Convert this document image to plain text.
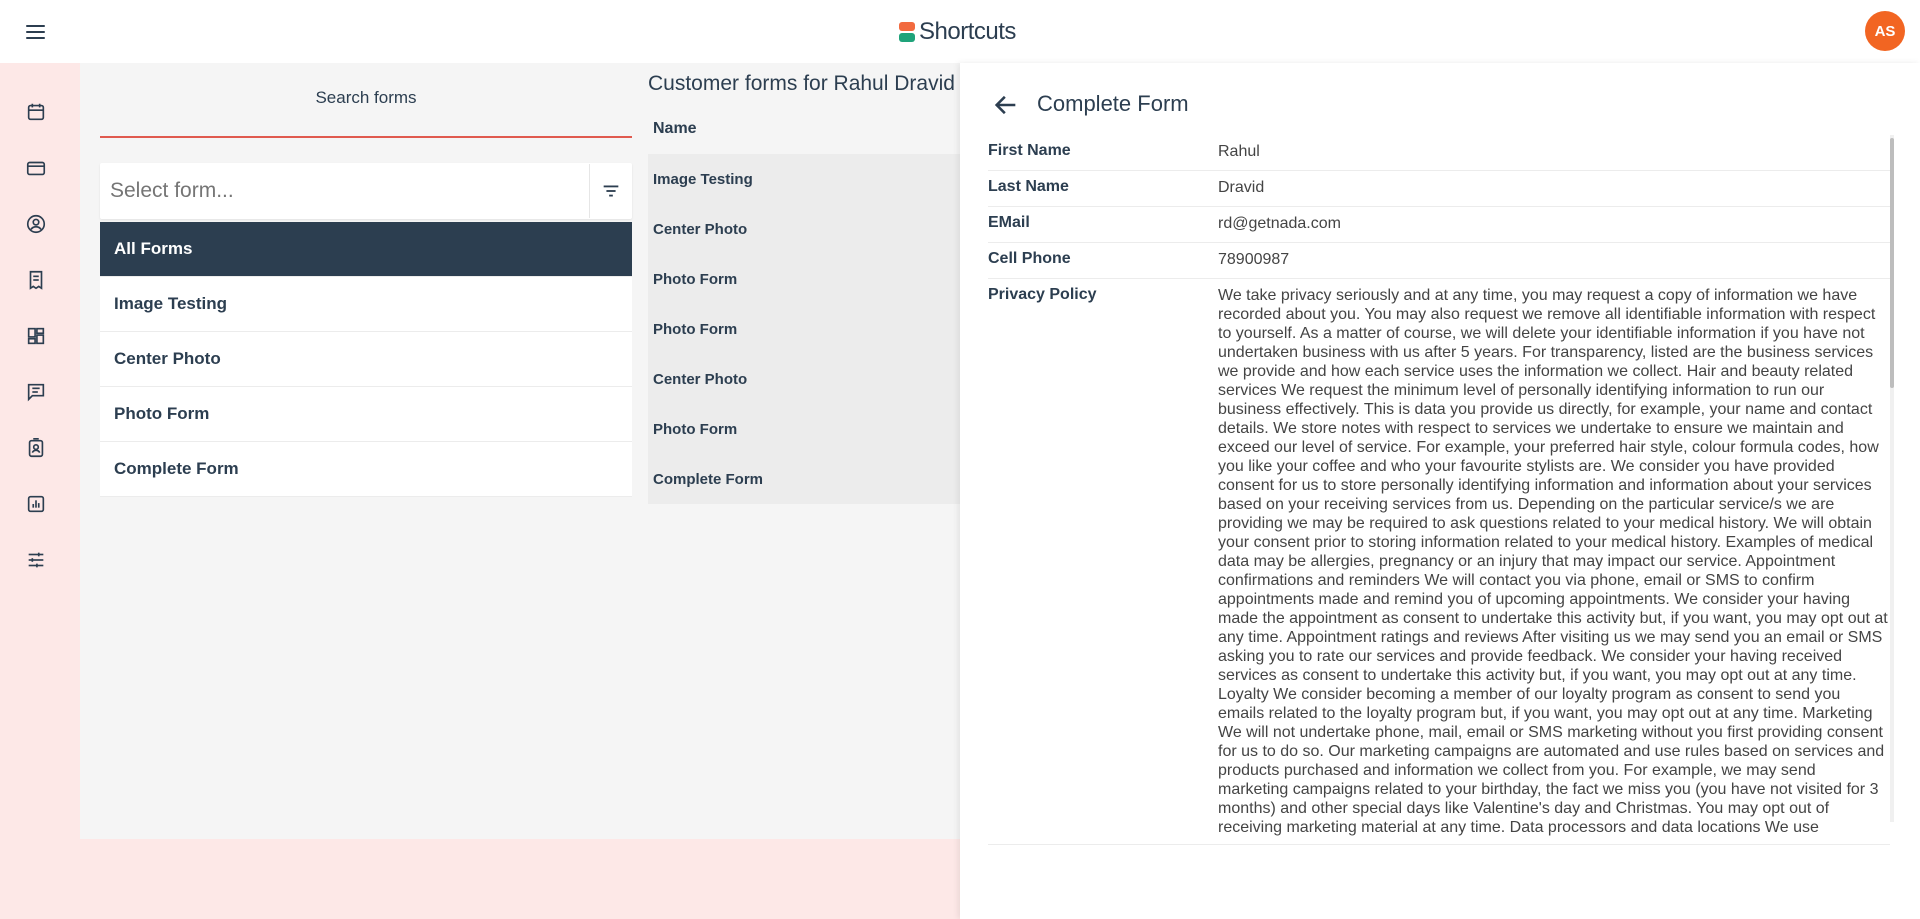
Shortcuts	AS
Search forms
Select form...
All Forms
Image Testing
Center Photo
Photo Form
Complete Form
Customer forms for Rahul Dravid
Name
Image Testing
Center Photo
Photo Form
Photo Form
Center Photo
Photo Form
Complete Form
Complete Form
First Name	Rahul
Last Name	Dravid
EMail	rd@getnada.com
Cell Phone	78900987
Privacy Policy	We take privacy seriously and at any time, you may request a copy of information we have recorded about you. You may also request we remove all identifiable information with respect to yourself. As a matter of course, we will delete your identifiable information if you have not undertaken business with us after 5 years. For transparency, listed are the business services we provide and how each service uses the information we collect. Hair and beauty related services We request the minimum level of personally identifying information to run our business effectively. This is data you provide us directly, for example, your name and contact details. We store notes with respect to services we undertake to ensure we maintain and exceed our level of service. For example, your preferred hair style, colour formula codes, how you like your coffee and who your favourite stylists are. We consider you have provided consent for us to store personally identifying information and information about your services based on your receiving services from us. Depending on the particular service/s we are providing we may be required to ask questions related to your medical history. We will obtain your consent prior to storing information related to your medical history. Examples of medical data may be allergies, pregnancy or an injury that may impact our service. Appointment confirmations and reminders We will contact you via phone, email or SMS to confirm appointments made and remind you of upcoming appointments. We consider your having made the appointment as consent to undertake this activity but, if you want, you may opt out at any time. Appointment ratings and reviews After visiting us we may send you an email or SMS asking you to rate our services and provide feedback. We consider your having received services as consent to undertake this activity but, if you want, you may opt out at any time. Loyalty We consider becoming a member of our loyalty program as consent to send you emails related to the loyalty program but, if you want, you may opt out at any time. Marketing We will not undertake phone, mail, email or SMS marketing without you first providing consent for us to do so. Our marketing campaigns are automated and use rules based on services and products purchased and information we collect from you. For example, we may send marketing campaigns related to your birthday, the fact we miss you (you have not visited for 3 months) and other special days like Valentine's day and Christmas. You may opt out of receiving marketing material at any time. Data processors and data locations We use
